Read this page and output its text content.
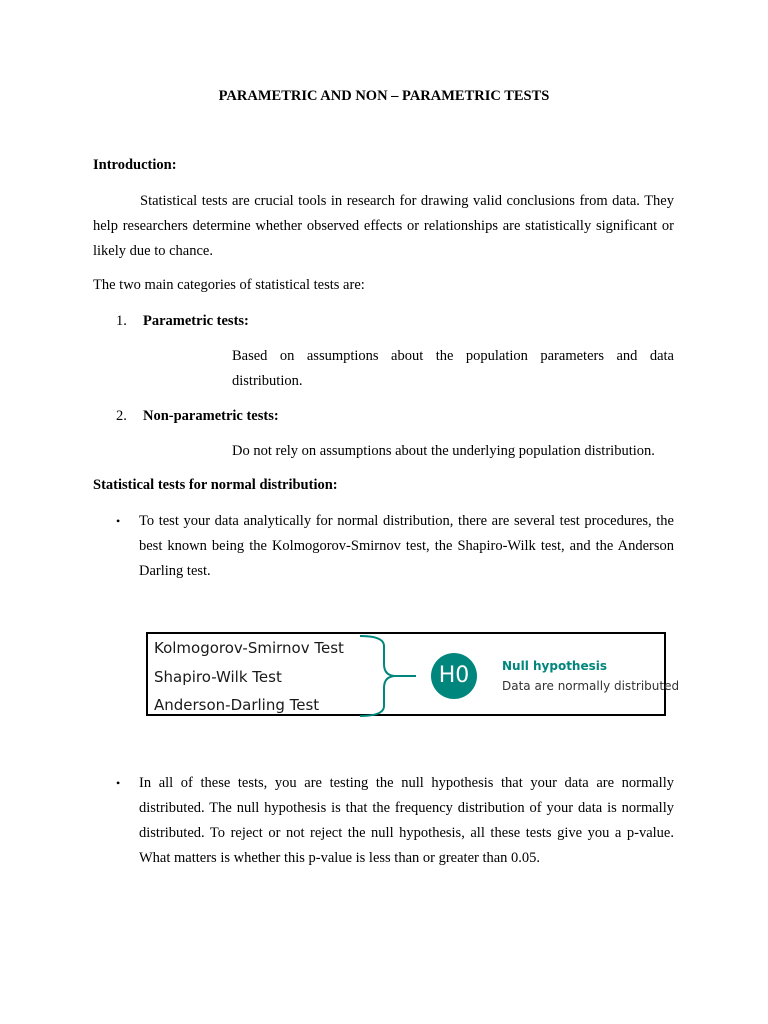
PARAMETRIC AND NON – PARAMETRIC TESTS
Introduction:
Statistical tests are crucial tools in research for drawing valid conclusions from data. They help researchers determine whether observed effects or relationships are statistically significant or likely due to chance.
The two main categories of statistical tests are:
1.	Parametric tests:
Based on assumptions about the population parameters and data distribution.
2.	Non-parametric tests:
Do not rely on assumptions about the underlying population distribution.
Statistical tests for normal distribution:
• To test your data analytically for normal distribution, there are several test procedures, the best known being the Kolmogorov-Smirnov test, the Shapiro-Wilk test, and the Anderson Darling test.
Kolmogorov-Smirnov Test
Shapiro-Wilk Test
Anderson-Darling Test
H0	Null hypothesis
Data are normally distributed
• In all of these tests, you are testing the null hypothesis that your data are normally distributed. The null hypothesis is that the frequency distribution of your data is normally distributed. To reject or not reject the null hypothesis, all these tests give you a p-value. What matters is whether this p-value is less than or greater than 0.05.
